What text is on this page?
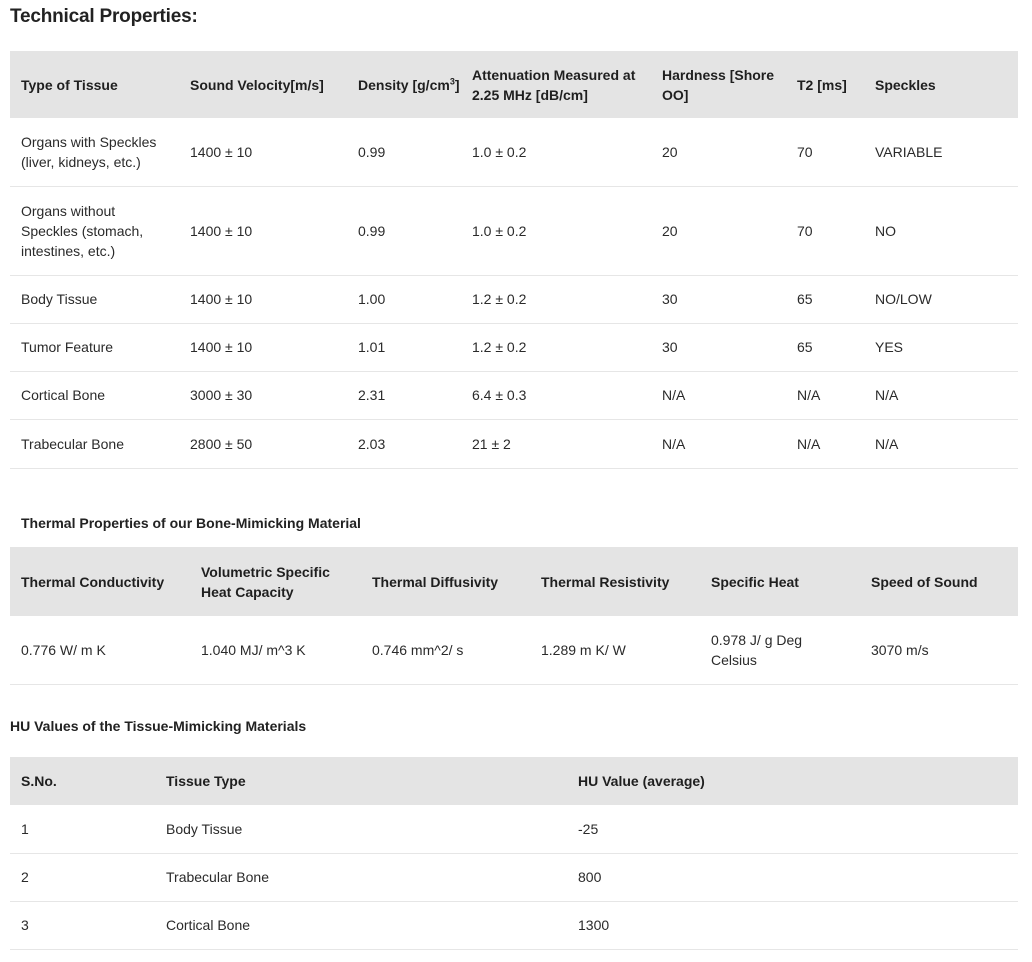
Technical Properties:
Type of Tissue	Sound Velocity[m/s]	Density $[g/cm^3]$	Attenuation Measured at 2.25 MHz [dB/cm]	Hardness [Shore OO]	T2 [ms]	Speckles
Organs with Speckles (liver, kidneys, etc.)	1400 ± 10	0.99	1.0 ± 0.2	20	70	VARIABLE
Organs without Speckles (stomach, intestines, etc.)	1400 ± 10	0.99	1.0 ± 0.2	20	70	NO
Body Tissue	1400 ± 10	1.00	1.2 ± 0.2	30	65	NO/LOW
Tumor Feature	1400 ± 10	1.01	1.2 ± 0.2	30	65	YES
Cortical Bone	3000 ± 30	2.31	6.4 ± 0.3	N/A	N/A	N/A
Trabecular Bone	2800 ± 50	2.03	21 ± 2	N/A	N/A	N/A
Thermal Properties of our Bone-Mimicking Material
Thermal Conductivity	Volumetric Specific Heat Capacity	Thermal Diffusivity	Thermal Resistivity	Specific Heat	Speed of Sound
0.776 W/ m K	1.040 MJ/ m^3 K	0.746 mm^2/ s	1.289 m K/ W	0.978 J/ g Deg Celsius	3070 m/s
HU Values of the Tissue-Mimicking Materials
S.No.	Tissue Type	HU Value (average)
1	Body Tissue	-25
2	Trabecular Bone	800
3	Cortical Bone	1300
